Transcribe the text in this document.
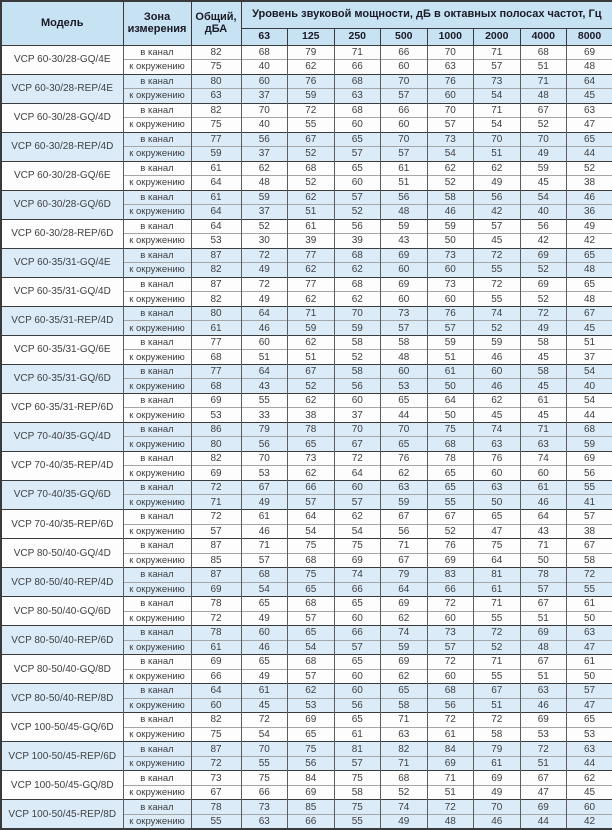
Модель	Зона измерения	Общий, дБА	Уровень звуковой мощности, дБ в октавных полосах частот, Гц							
			63	125	250	500	1000	2000	4000	8000
VCP 60-30/28-GQ/4E	в канал	82	68	79	71	66	70	71	68	69
	к окружению	75	40	62	66	60	63	57	51	48
VCP 60-30/28-REP/4E	в канал	80	60	76	68	70	76	73	71	64
	к окружению	63	37	59	63	57	60	54	48	45
VCP 60-30/28-GQ/4D	в канал	82	70	72	68	66	70	71	67	63
	к окружению	75	40	55	60	60	57	54	52	47
VCP 60-30/28-REP/4D	в канал	77	56	67	65	70	73	70	70	65
	к окружению	59	37	52	57	57	54	51	49	44
VCP 60-30/28-GQ/6E	в канал	61	62	68	65	61	62	62	59	52
	к окружению	64	48	52	60	51	52	49	45	38
VCP 60-30/28-GQ/6D	в канал	61	59	62	57	56	58	56	54	46
	к окружению	64	37	51	52	48	46	42	40	36
VCP 60-30/28-REP/6D	в канал	64	52	61	56	59	59	57	56	49
	к окружению	53	30	39	39	43	50	45	42	42
VCP 60-35/31-GQ/4E	в канал	87	72	77	68	69	73	72	69	65
	к окружению	82	49	62	62	60	60	55	52	48
VCP 60-35/31-GQ/4D	в канал	87	72	77	68	69	73	72	69	65
	к окружению	82	49	62	62	60	60	55	52	48
VCP 60-35/31-REP/4D	в канал	80	64	71	70	73	76	74	72	67
	к окружению	61	46	59	59	57	57	52	49	45
VCP 60-35/31-GQ/6E	в канал	77	60	62	58	58	59	59	58	51
	к окружению	68	51	51	52	48	51	46	45	37
VCP 60-35/31-GQ/6D	в канал	77	64	67	58	60	61	60	58	54
	к окружению	68	43	52	56	53	50	46	45	40
VCP 60-35/31-REP/6D	в канал	69	55	62	60	65	64	62	61	54
	к окружению	53	33	38	37	44	50	45	45	44
VCP 70-40/35-GQ/4D	в канал	86	79	78	70	70	75	74	71	68
	к окружению	80	56	65	67	65	68	63	63	59
VCP 70-40/35-REP/4D	в канал	82	70	73	72	76	78	76	74	69
	к окружению	69	53	62	64	62	65	60	60	56
VCP 70-40/35-GQ/6D	в канал	72	67	66	60	63	65	63	61	55
	к окружению	71	49	57	57	59	55	50	46	41
VCP 70-40/35-REP/6D	в канал	72	61	64	62	67	67	65	64	57
	к окружению	57	46	54	54	56	52	47	43	38
VCP 80-50/40-GQ/4D	в канал	87	71	75	75	71	76	75	71	67
	к окружению	85	57	68	69	67	69	64	50	58
VCP 80-50/40-REP/4D	в канал	87	68	75	74	79	83	81	78	72
	к окружению	69	54	65	66	64	66	61	57	55
VCP 80-50/40-GQ/6D	в канал	78	65	68	65	69	72	71	67	61
	к окружению	72	49	57	60	62	60	55	51	50
VCP 80-50/40-REP/6D	в канал	78	60	65	66	74	73	72	69	63
	к окружению	61	46	54	57	59	57	52	48	47
VCP 80-50/40-GQ/8D	в канал	69	65	68	65	69	72	71	67	61
	к окружению	66	49	57	60	62	60	55	51	50
VCP 80-50/40-REP/8D	в канал	64	61	62	60	65	68	67	63	57
	к окружению	60	45	53	56	58	56	51	46	47
VCP 100-50/45-GQ/6D	в канал	82	72	69	65	71	72	72	69	65
	к окружению	75	54	65	61	63	61	58	53	53
VCP 100-50/45-REP/6D	в канал	87	70	75	81	82	84	79	72	63
	к окружению	72	55	56	57	71	69	61	51	44
VCP 100-50/45-GQ/8D	в канал	73	75	84	75	68	71	69	67	62
	к окружению	67	66	69	58	52	51	49	47	45
VCP 100-50/45-REP/8D	в канал	78	73	85	75	74	72	70	69	60
	к окружению	55	63	66	55	49	48	46	44	42
